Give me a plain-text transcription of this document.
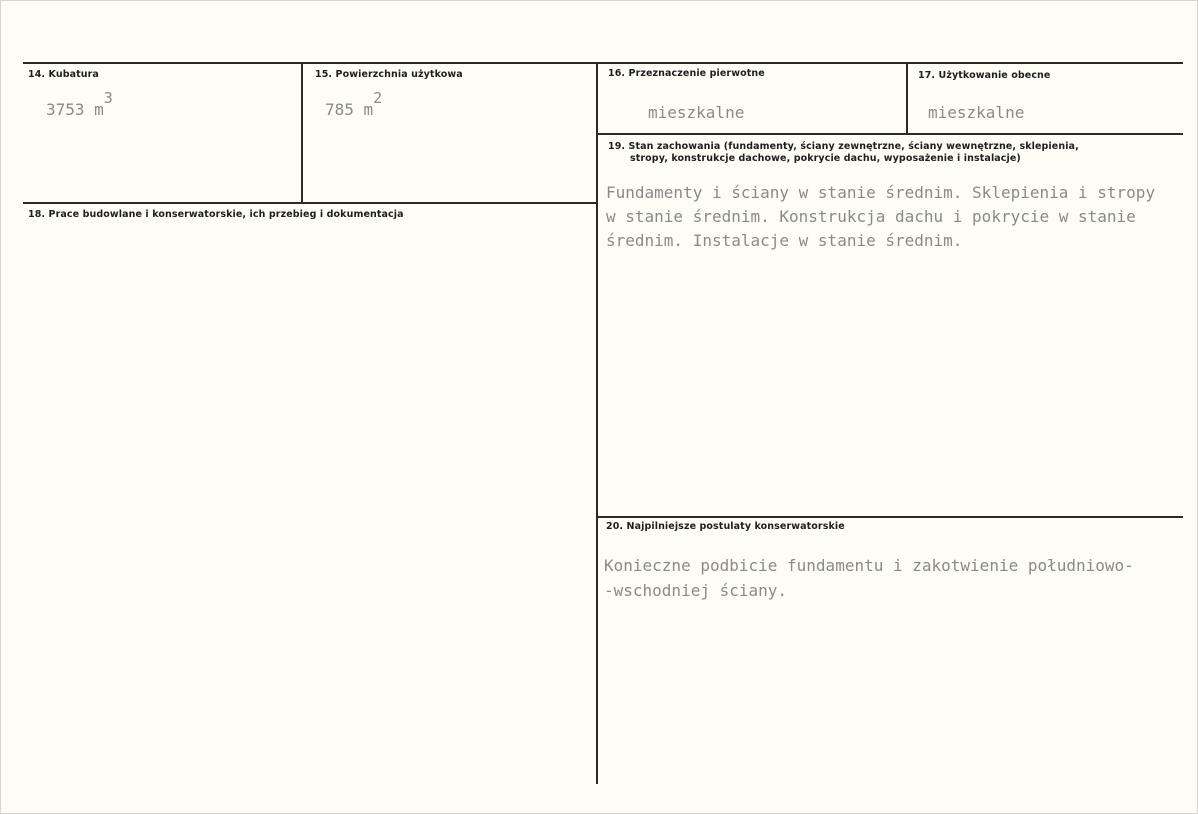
14. Kubatura
3753 m3
15. Powierzchnia użytkowa
785 m2
16. Przeznaczenie pierwotne
mieszkalne
17. Użytkowanie obecne
mieszkalne
18. Prace budowlane i konserwatorskie, ich przebieg i dokumentacja
19. Stan zachowania (fundamenty, ściany zewnętrzne, ściany wewnętrzne, sklepienia,
stropy, konstrukcje dachowe, pokrycie dachu, wyposażenie i instalacje)
Fundamenty i ściany w stanie średnim. Sklepienia i stropy
w stanie średnim. Konstrukcja dachu i pokrycie w stanie
średnim. Instalacje w stanie średnim.
20. Najpilniejsze postulaty konserwatorskie
Konieczne podbicie fundamentu i zakotwienie południowo-
-wschodniej ściany.
